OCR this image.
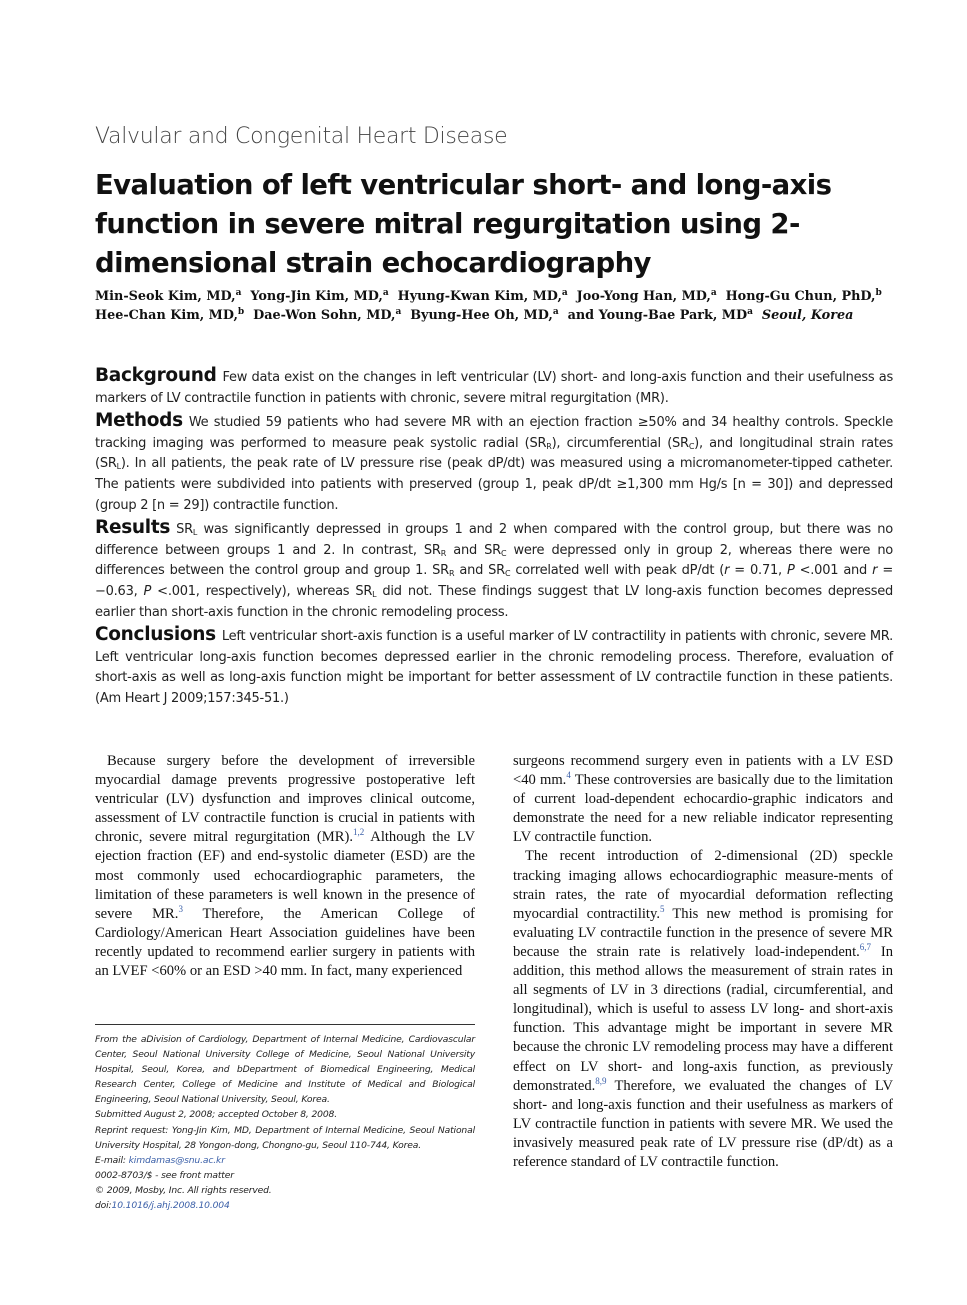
Valvular and Congenital Heart Disease
Evaluation of left ventricular short- and long-axis function in severe mitral regurgitation using 2-dimensional strain echocardiography
Min-Seok Kim, MD,$^a$ Yong-Jin Kim, MD,$^a$ Hyung-Kwan Kim, MD,$^a$ Joo-Yong Han, MD,$^a$ Hong-Gu Chun, PhD,$^b$
Hee-Chan Kim, MD,$^b$ Dae-Won Sohn, MD,$^a$ Byung-Hee Oh, MD,$^a$ and Young-Bae Park, $MD^a$ Seoul, Korea

Background Few data exist on the changes in left ventricular (LV) short- and long-axis function and their usefulness as markers of LV contractile function in patients with chronic, severe mitral regurgitation (MR).

Methods We studied 59 patients who had severe MR with an ejection fraction ≥50% and 34 healthy controls. Speckle tracking imaging was performed to measure peak systolic radial $(SR_R)$, circumferential $(SR_C)$, and longitudinal strain rates $(SR_L)$. In all patients, the peak rate of LV pressure rise (peak dP/dt) was measured using a micromanometer-tipped catheter. The patients were subdivided into patients with preserved (group 1, peak dP/dt ≥1,300 mm Hg/s [n = 30]) and depressed (group 2 [n = 29]) contractile function.

Results $SR_L$ was significantly depressed in groups 1 and 2 when compared with the control group, but there was no difference between groups 1 and 2. In contrast, $SR_R$ and $SR_C$ were depressed only in group 2, whereas there were no differences between the control group and group 1. $SR_R$ and $SR_C$ correlated well with peak dP/dt (r = 0.71, P <.001 and r = −0.63, P <.001, respectively), whereas $SR_L$ did not. These findings suggest that LV long-axis function becomes depressed earlier than short-axis function in the chronic remodeling process.

Conclusions Left ventricular short-axis function is a useful marker of LV contractility in patients with chronic, severe MR. Left ventricular long-axis function becomes depressed earlier in the chronic remodeling process. Therefore, evaluation of short-axis as well as long-axis function might be important for better assessment of LV contractile function in these patients. (Am Heart J 2009;157:345-51.)

Because surgery before the development of irreversible myocardial damage prevents progressive postoperative left ventricular (LV) dysfunction and improves clinical outcome, assessment of LV contractile function is crucial in patients with chronic, severe mitral regurgitation (MR).$^{1,2}$ Although the LV ejection fraction (EF) and end-systolic diameter (ESD) are the most commonly used echocardiographic parameters, the limitation of these parameters is well known in the presence of severe MR.$^3$ Therefore, the American College of Cardiology/American Heart Association guidelines have been recently updated to recommend earlier surgery in patients with an LVEF <60% or an ESD >40 mm. In fact, many experienced

surgeons recommend surgery even in patients with a LV ESD <40 mm.$^4$ These controversies are basically due to the limitation of current load-dependent echocardio-graphic indicators and demonstrate the need for a new reliable indicator representing LV contractile function.

The recent introduction of 2-dimensional (2D) speckle tracking imaging allows echocardiographic measure-ments of strain rates, the rate of myocardial deformation reflecting myocardial contractility.$^5$ This new method is promising for evaluating LV contractile function in the presence of severe MR because the strain rate is relatively load-independent.$^{6,7}$ In addition, this method allows the measurement of strain rates in all segments of LV in 3 directions (radial, circumferential, and longitudinal), which is useful to assess LV long- and short-axis function. This advantage might be important in severe MR because the chronic LV remodeling process may have a different effect on LV short- and long-axis function, as previously demonstrated.$^{8,9}$ Therefore, we evaluated the changes of LV short- and long-axis function and their usefulness as markers of LV contractile function in patients with severe MR. We used the invasively measured peak rate of LV pressure rise (dP/dt) as a reference standard of LV contractile function.

From the aDivision of Cardiology, Department of Internal Medicine, Cardiovascular Center, Seoul National University College of Medicine, Seoul National University Hospital, Seoul, Korea, and bDepartment of Biomedical Engineering, Medical Research Center, College of Medicine and Institute of Medical and Biological Engineering, Seoul National University, Seoul, Korea.

Submitted August 2, 2008; accepted October 8, 2008.

Reprint request: Yong-Jin Kim, MD, Department of Internal Medicine, Seoul National University Hospital, 28 Yongon-dong, Chongno-gu, Seoul 110-744, Korea.

E-mail: kimdamas@snu.ac.kr

0002-8703/$ - see front matter

© 2009, Mosby, Inc. All rights reserved.

doi:10.1016/j.ahj.2008.10.004
